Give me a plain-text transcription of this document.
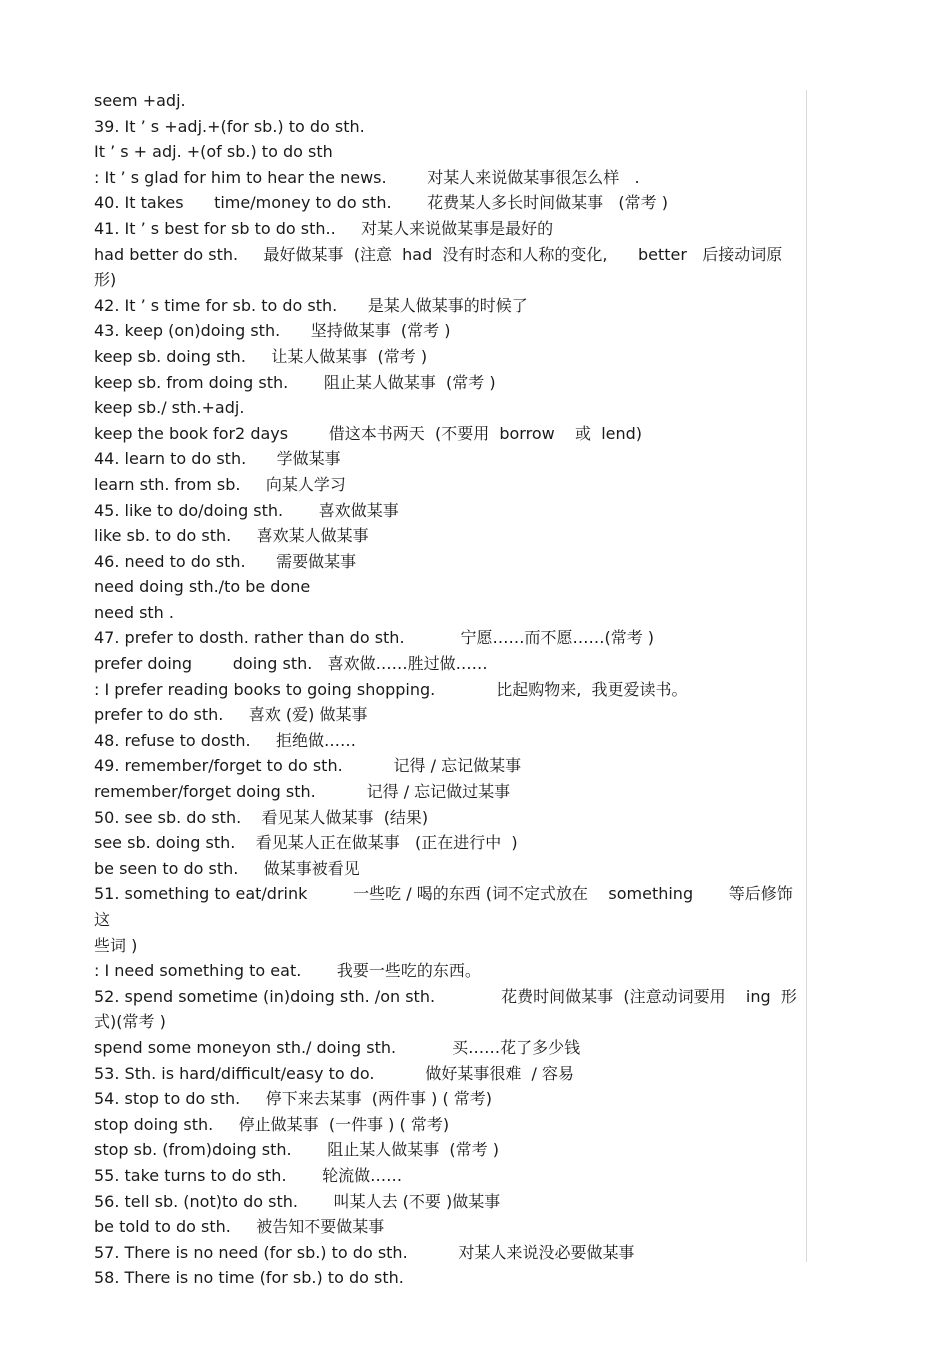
seem +adj.
39. It ’ s +adj.+(for sb.) to do sth.
It ’ s + adj. +(of sb.) to do sth
: It ’ s glad for him to hear the news.        对某人来说做某事很怎么样   .
40. It takes      time/money to do sth.       花费某人多长时间做某事   (常考 )
41. It ’ s best for sb to do sth..     对某人来说做某事是最好的
had better do sth.     最好做某事  (注意  had  没有时态和人称的变化,      better   后接动词原
形)
42. It ’ s time for sb. to do sth.      是某人做某事的时候了
43. keep (on)doing sth.      坚持做某事  (常考 )
keep sb. doing sth.     让某人做某事  (常考 )
keep sb. from doing sth.       阻止某人做某事  (常考 )
keep sb./ sth.+adj.
keep the book for2 days        借这本书两天  (不要用  borrow    或  lend)
44. learn to do sth.      学做某事
learn sth. from sb.     向某人学习
45. like to do/doing sth.       喜欢做某事
like sb. to do sth.     喜欢某人做某事
46. need to do sth.      需要做某事
need doing sth./to be done
need sth .
47. prefer to dosth. rather than do sth.           宁愿……而不愿……(常考 )
prefer doing        doing sth.   喜欢做……胜过做……
: I prefer reading books to going shopping.            比起购物来,  我更爱读书。
prefer to do sth.     喜欢 (爱) 做某事
48. refuse to dosth.     拒绝做……
49. remember/forget to do sth.          记得 / 忘记做某事
remember/forget doing sth.          记得 / 忘记做过某事
50. see sb. do sth.    看见某人做某事  (结果)
see sb. doing sth.    看见某人正在做某事   (正在进行中  )
be seen to do sth.     做某事被看见
51. something to eat/drink         一些吃 / 喝的东西 (词不定式放在    something       等后修饰这
些词 )
: I need something to eat.       我要一些吃的东西。
52. spend sometime (in)doing sth. /on sth.             花费时间做某事  (注意动词要用    ing  形
式)(常考 )
spend some moneyon sth./ doing sth.           买……花了多少钱
53. Sth. is hard/difficult/easy to do.          做好某事很难  / 容易
54. stop to do sth.     停下来去某事  (两件事 ) ( 常考)
stop doing sth.     停止做某事  (一件事 ) ( 常考)
stop sb. (from)doing sth.       阻止某人做某事  (常考 )
55. take turns to do sth.       轮流做……
56. tell sb. (not)to do sth.       叫某人去 (不要 )做某事
be told to do sth.     被告知不要做某事
57. There is no need (for sb.) to do sth.          对某人来说没必要做某事
58. There is no time (for sb.) to do sth.
